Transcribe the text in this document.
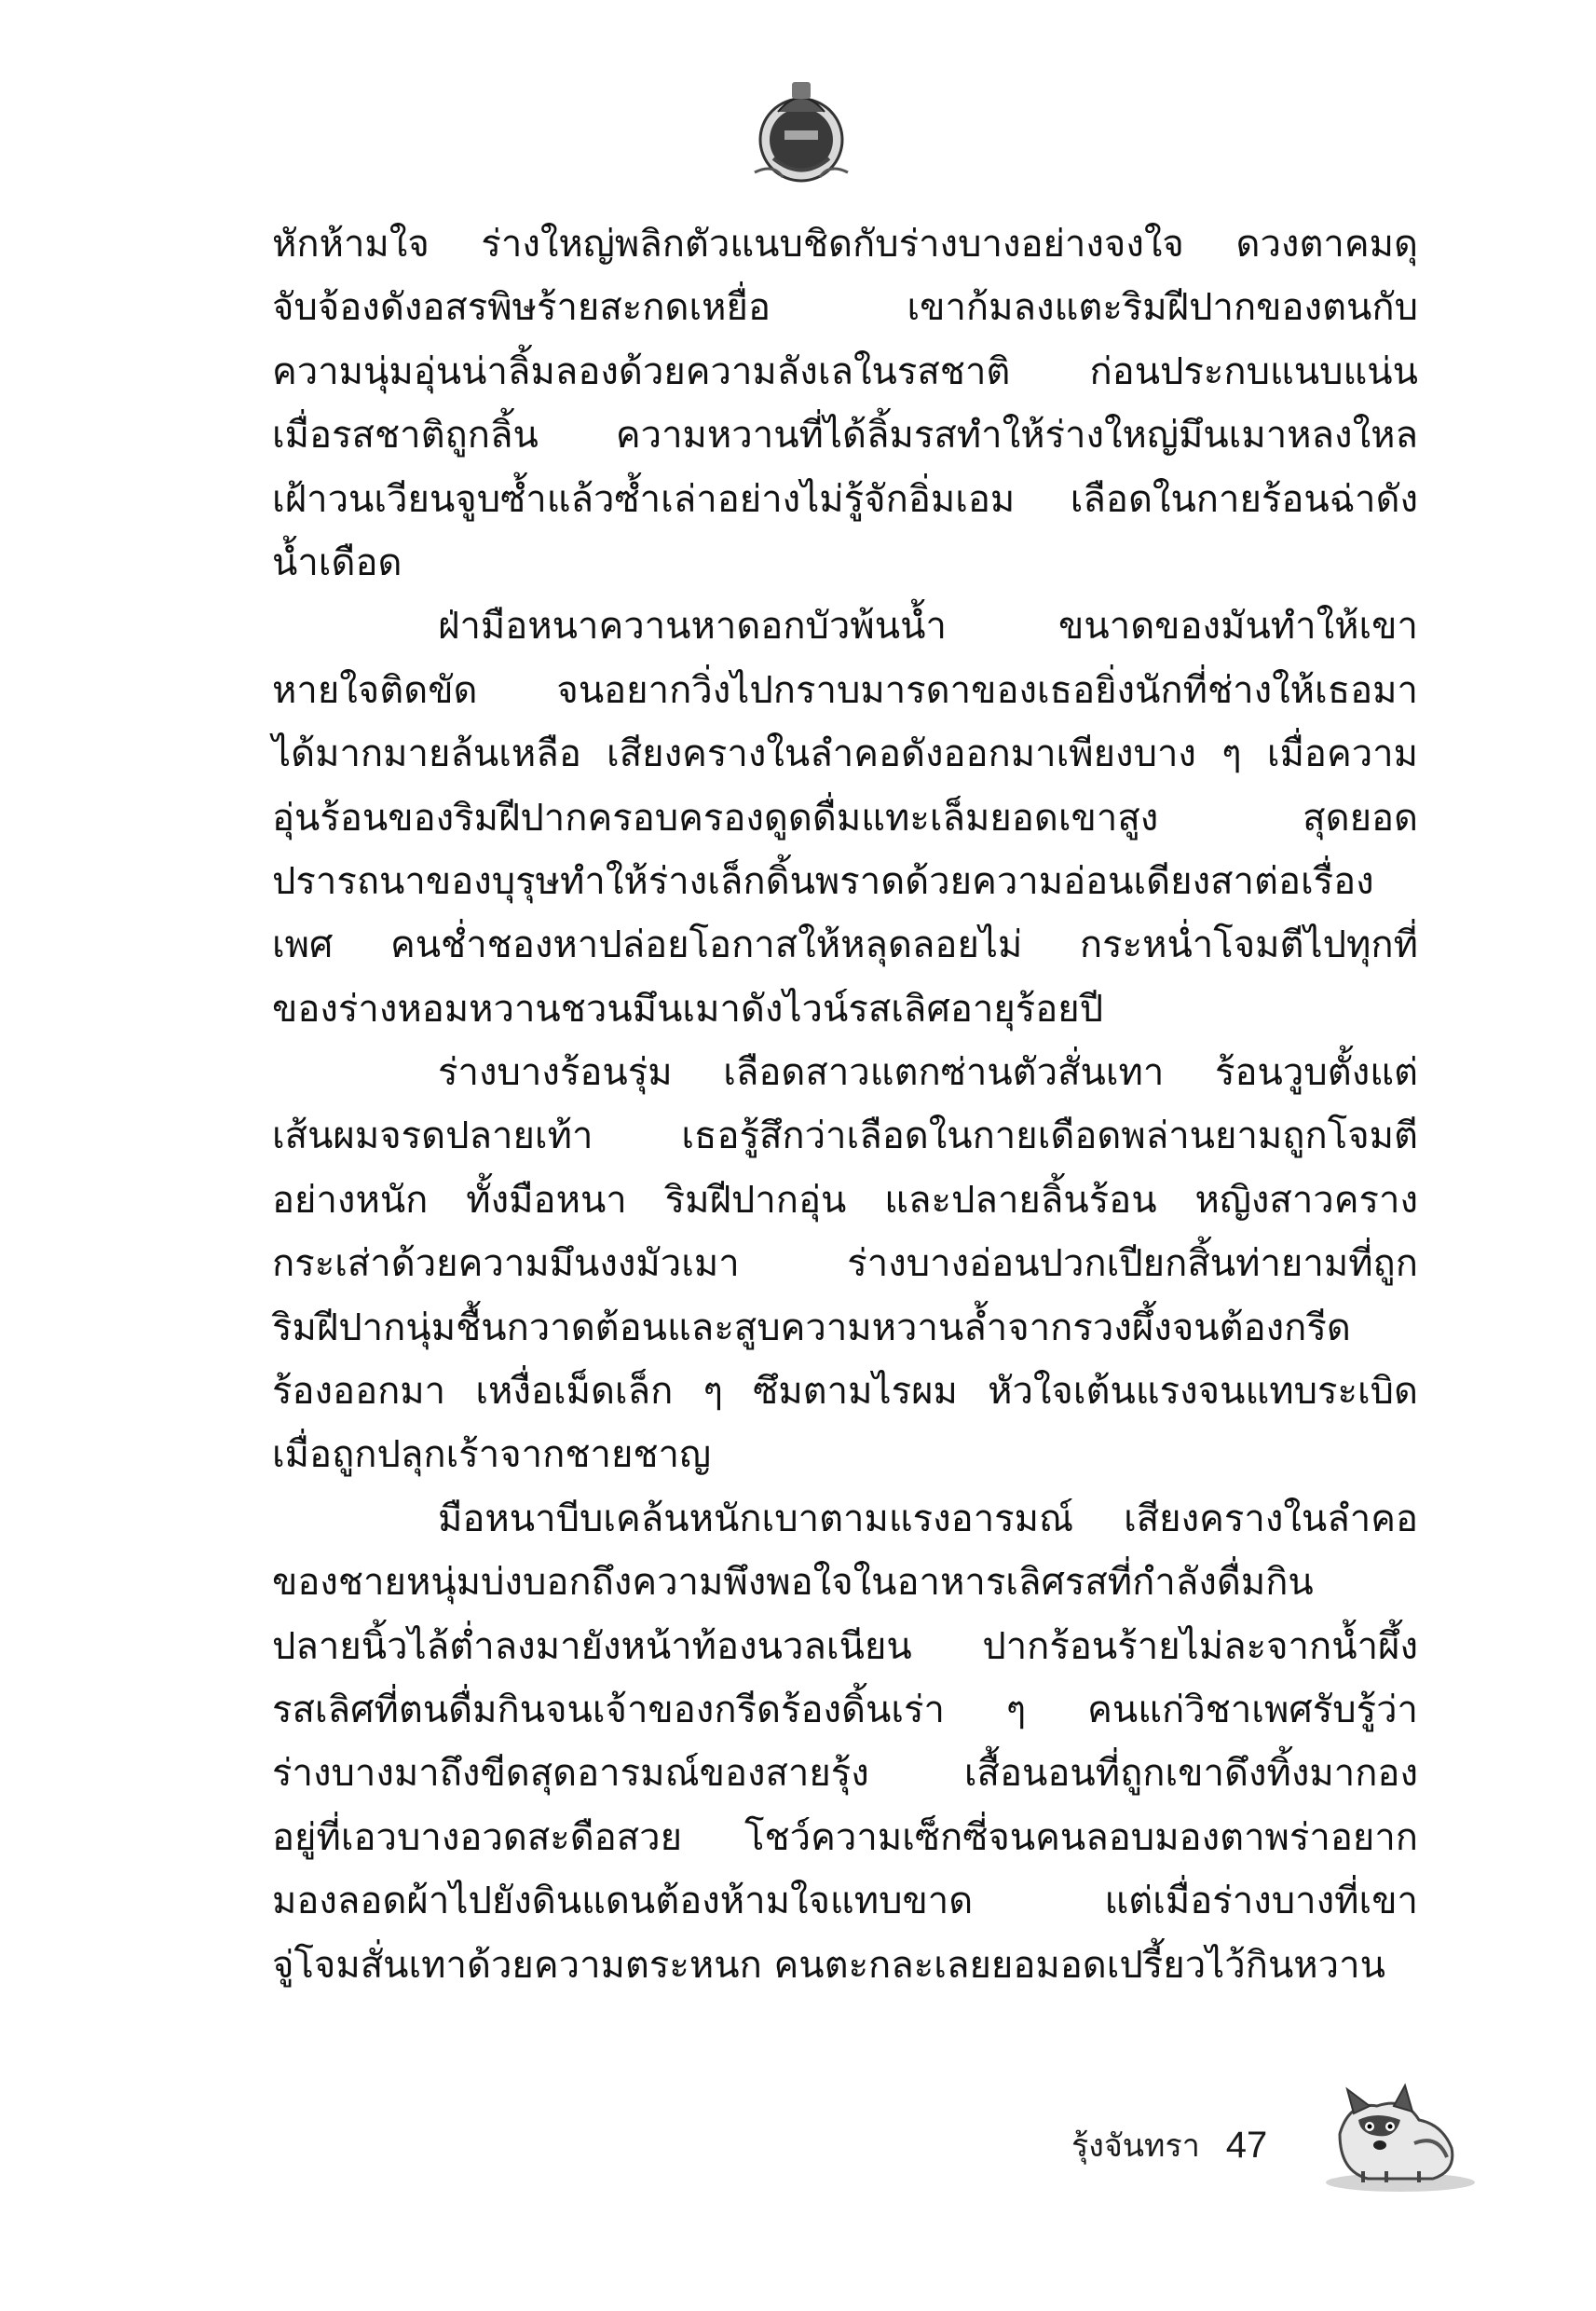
หักห้ามใจ ร่างใหญ่พลิกตัวแนบชิดกับร่างบางอย่างจงใจ ดวงตาคมดุ
จับจ้องดังอสรพิษร้ายสะกดเหยื่อ เขาก้มลงแตะริมฝีปากของตนกับ
ความนุ่มอุ่นน่าลิ้มลองด้วยความลังเลในรสชาติ ก่อนประกบแนบแน่น
เมื่อรสชาติถูกลิ้น ความหวานที่ได้ลิ้มรสทำให้ร่างใหญ่มึนเมาหลงใหล
เฝ้าวนเวียนจูบซ้ำแล้วซ้ำเล่าอย่างไม่รู้จักอิ่มเอม เลือดในกายร้อนฉ่าดัง
น้ำเดือด
ฝ่ามือหนาควานหาดอกบัวพ้นน้ำ ขนาดของมันทำให้เขา
หายใจติดขัด จนอยากวิ่งไปกราบมารดาของเธอยิ่งนักที่ช่างให้เธอมา
ได้มากมายล้นเหลือ เสียงครางในลำคอดังออกมาเพียงบาง ๆ เมื่อความ
อุ่นร้อนของริมฝีปากครอบครองดูดดื่มแทะเล็มยอดเขาสูง สุดยอด
ปรารถนาของบุรุษทำให้ร่างเล็กดิ้นพราดด้วยความอ่อนเดียงสาต่อเรื่อง
เพศ คนช่ำชองหาปล่อยโอกาสให้หลุดลอยไม่ กระหน่ำโจมตีไปทุกที่
ของร่างหอมหวานชวนมึนเมาดังไวน์รสเลิศอายุร้อยปี
ร่างบางร้อนรุ่ม เลือดสาวแตกซ่านตัวสั่นเทา ร้อนวูบตั้งแต่
เส้นผมจรดปลายเท้า เธอรู้สึกว่าเลือดในกายเดือดพล่านยามถูกโจมตี
อย่างหนัก ทั้งมือหนา ริมฝีปากอุ่น และปลายลิ้นร้อน หญิงสาวคราง
กระเส่าด้วยความมึนงงมัวเมา ร่างบางอ่อนปวกเปียกสิ้นท่ายามที่ถูก
ริมฝีปากนุ่มชื้นกวาดต้อนและสูบความหวานล้ำจากรวงผึ้งจนต้องกรีด
ร้องออกมา เหงื่อเม็ดเล็ก ๆ ซึมตามไรผม หัวใจเต้นแรงจนแทบระเบิด
เมื่อถูกปลุกเร้าจากชายชาญ
มือหนาบีบเคล้นหนักเบาตามแรงอารมณ์ เสียงครางในลำคอ
ของชายหนุ่มบ่งบอกถึงความพึงพอใจในอาหารเลิศรสที่กำลังดื่มกิน
ปลายนิ้วไล้ต่ำลงมายังหน้าท้องนวลเนียน ปากร้อนร้ายไม่ละจากน้ำผึ้ง
รสเลิศที่ตนดื่มกินจนเจ้าของกรีดร้องดิ้นเร่า ๆ คนแก่วิชาเพศรับรู้ว่า
ร่างบางมาถึงขีดสุดอารมณ์ของสายรุ้ง เสื้อนอนที่ถูกเขาดึงทิ้งมากอง
อยู่ที่เอวบางอวดสะดือสวย โชว์ความเซ็กซี่จนคนลอบมองตาพร่าอยาก
มองลอดผ้าไปยังดินแดนต้องห้ามใจแทบขาด แต่เมื่อร่างบางที่เขา
จู่โจมสั่นเทาด้วยความตระหนก คนตะกละเลยยอมอดเปรี้ยวไว้กินหวาน
รุ้งจันทรา 47
